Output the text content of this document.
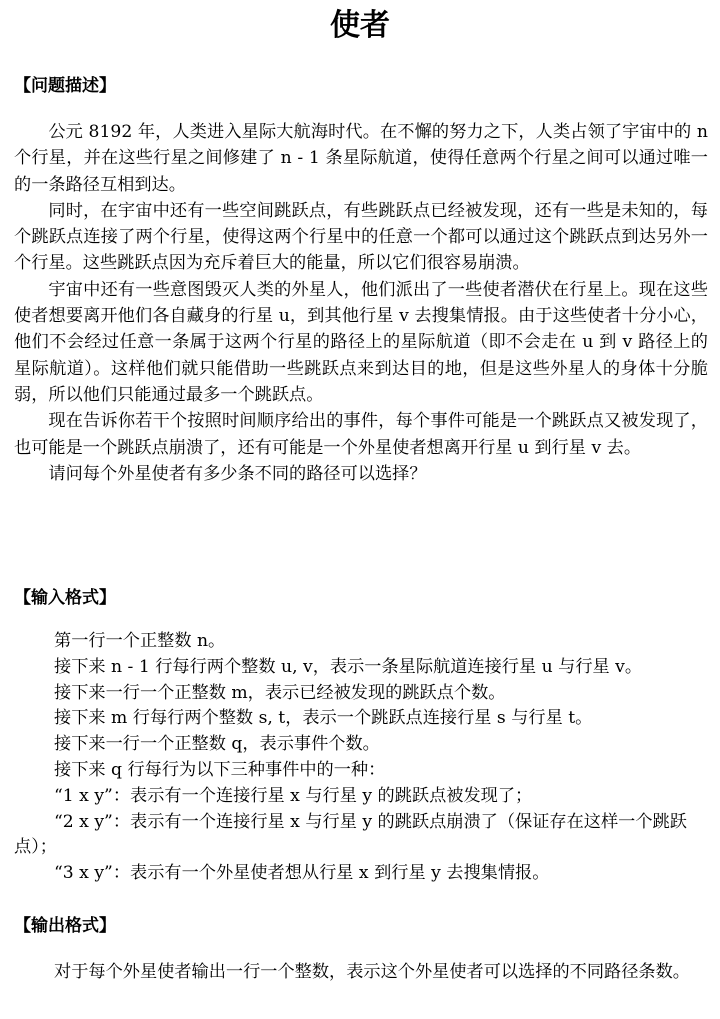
使者
【问题描述】

公元 8192 年，人类进入星际大航海时代。在不懈的努力之下，人类占领了宇宙中的 n 个行星，并在这些行星之间修建了 n - 1 条星际航道，使得任意两个行星之间可以通过唯一的一条路径互相到达。

同时，在宇宙中还有一些空间跳跃点，有些跳跃点已经被发现，还有一些是未知的，每个跳跃点连接了两个行星，使得这两个行星中的任意一个都可以通过这个跳跃点到达另外一个行星。这些跳跃点因为充斥着巨大的能量，所以它们很容易崩溃。

宇宙中还有一些意图毁灭人类的外星人，他们派出了一些使者潜伏在行星上。现在这些使者想要离开他们各自藏身的行星 u，到其他行星 v 去搜集情报。由于这些使者十分小心，他们不会经过任意一条属于这两个行星的路径上的星际航道（即不会走在 u 到 v 路径上的星际航道）。这样他们就只能借助一些跳跃点来到达目的地，但是这些外星人的身体十分脆弱，所以他们只能通过最多一个跳跃点。

现在告诉你若干个按照时间顺序给出的事件，每个事件可能是一个跳跃点又被发现了，也可能是一个跳跃点崩溃了，还有可能是一个外星使者想离开行星 u 到行星 v 去。

请问每个外星使者有多少条不同的路径可以选择？

【输入格式】

第一行一个正整数 n。

接下来 n - 1 行每行两个整数 u, v，表示一条星际航道连接行星 u 与行星 v。

接下来一行一个正整数 m，表示已经被发现的跳跃点个数。

接下来 m 行每行两个整数 s, t，表示一个跳跃点连接行星 s 与行星 t。

接下来一行一个正整数 q，表示事件个数。

接下来 q 行每行为以下三种事件中的一种：

“1 x y”：表示有一个连接行星 x 与行星 y 的跳跃点被发现了；

“2 x y”：表示有一个连接行星 x 与行星 y 的跳跃点崩溃了（保证存在这样一个跳跃点）；

“3 x y”：表示有一个外星使者想从行星 x 到行星 y 去搜集情报。

【输出格式】

对于每个外星使者输出一行一个整数，表示这个外星使者可以选择的不同路径条数。
